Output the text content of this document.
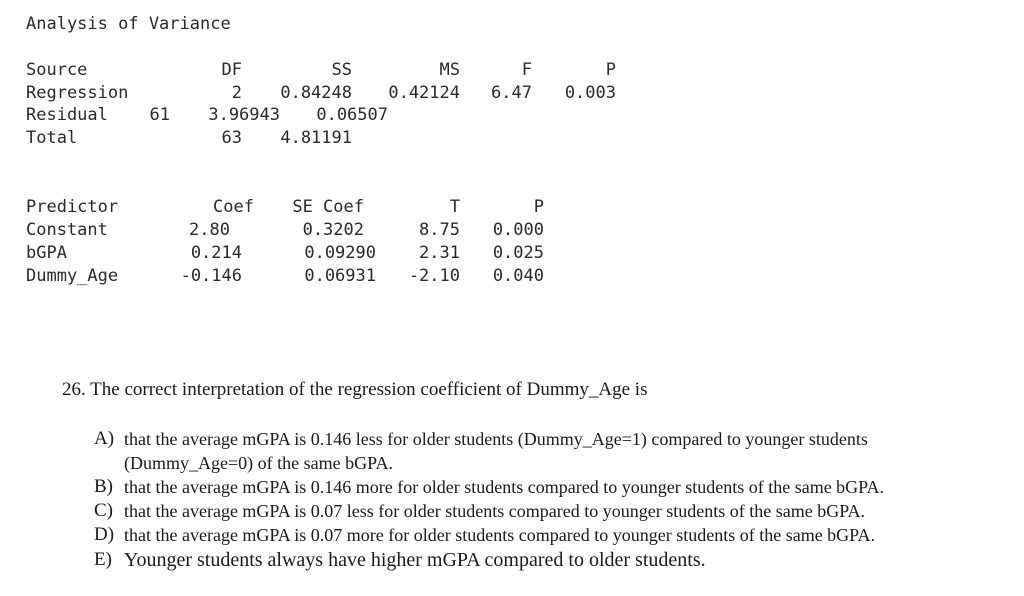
Analysis of Variance
Source	DF	SS	MS	F	P
Regression	2	0.84248	0.42124	6.47	0.003
Residual	61	3.96943	0.06507
Total	63	4.81191
Predictor	Coef	SE Coef	T	P
Constant	2.80	0.3202	8.75	0.000
bGPA	0.214	0.09290	2.31	0.025
Dummy_Age	-0.146	0.06931	-2.10	0.040
26. The correct interpretation of the regression coefficient of Dummy_Age is
A) that the average mGPA is 0.146 less for older students (Dummy_Age=1) compared to younger students (Dummy_Age=0) of the same bGPA.
B) that the average mGPA is 0.146 more for older students compared to younger students of the same bGPA.
C) that the average mGPA is 0.07 less for older students compared to younger students of the same bGPA.
D) that the average mGPA is 0.07 more for older students compared to younger students of the same bGPA.
E) Younger students always have higher mGPA compared to older students.
